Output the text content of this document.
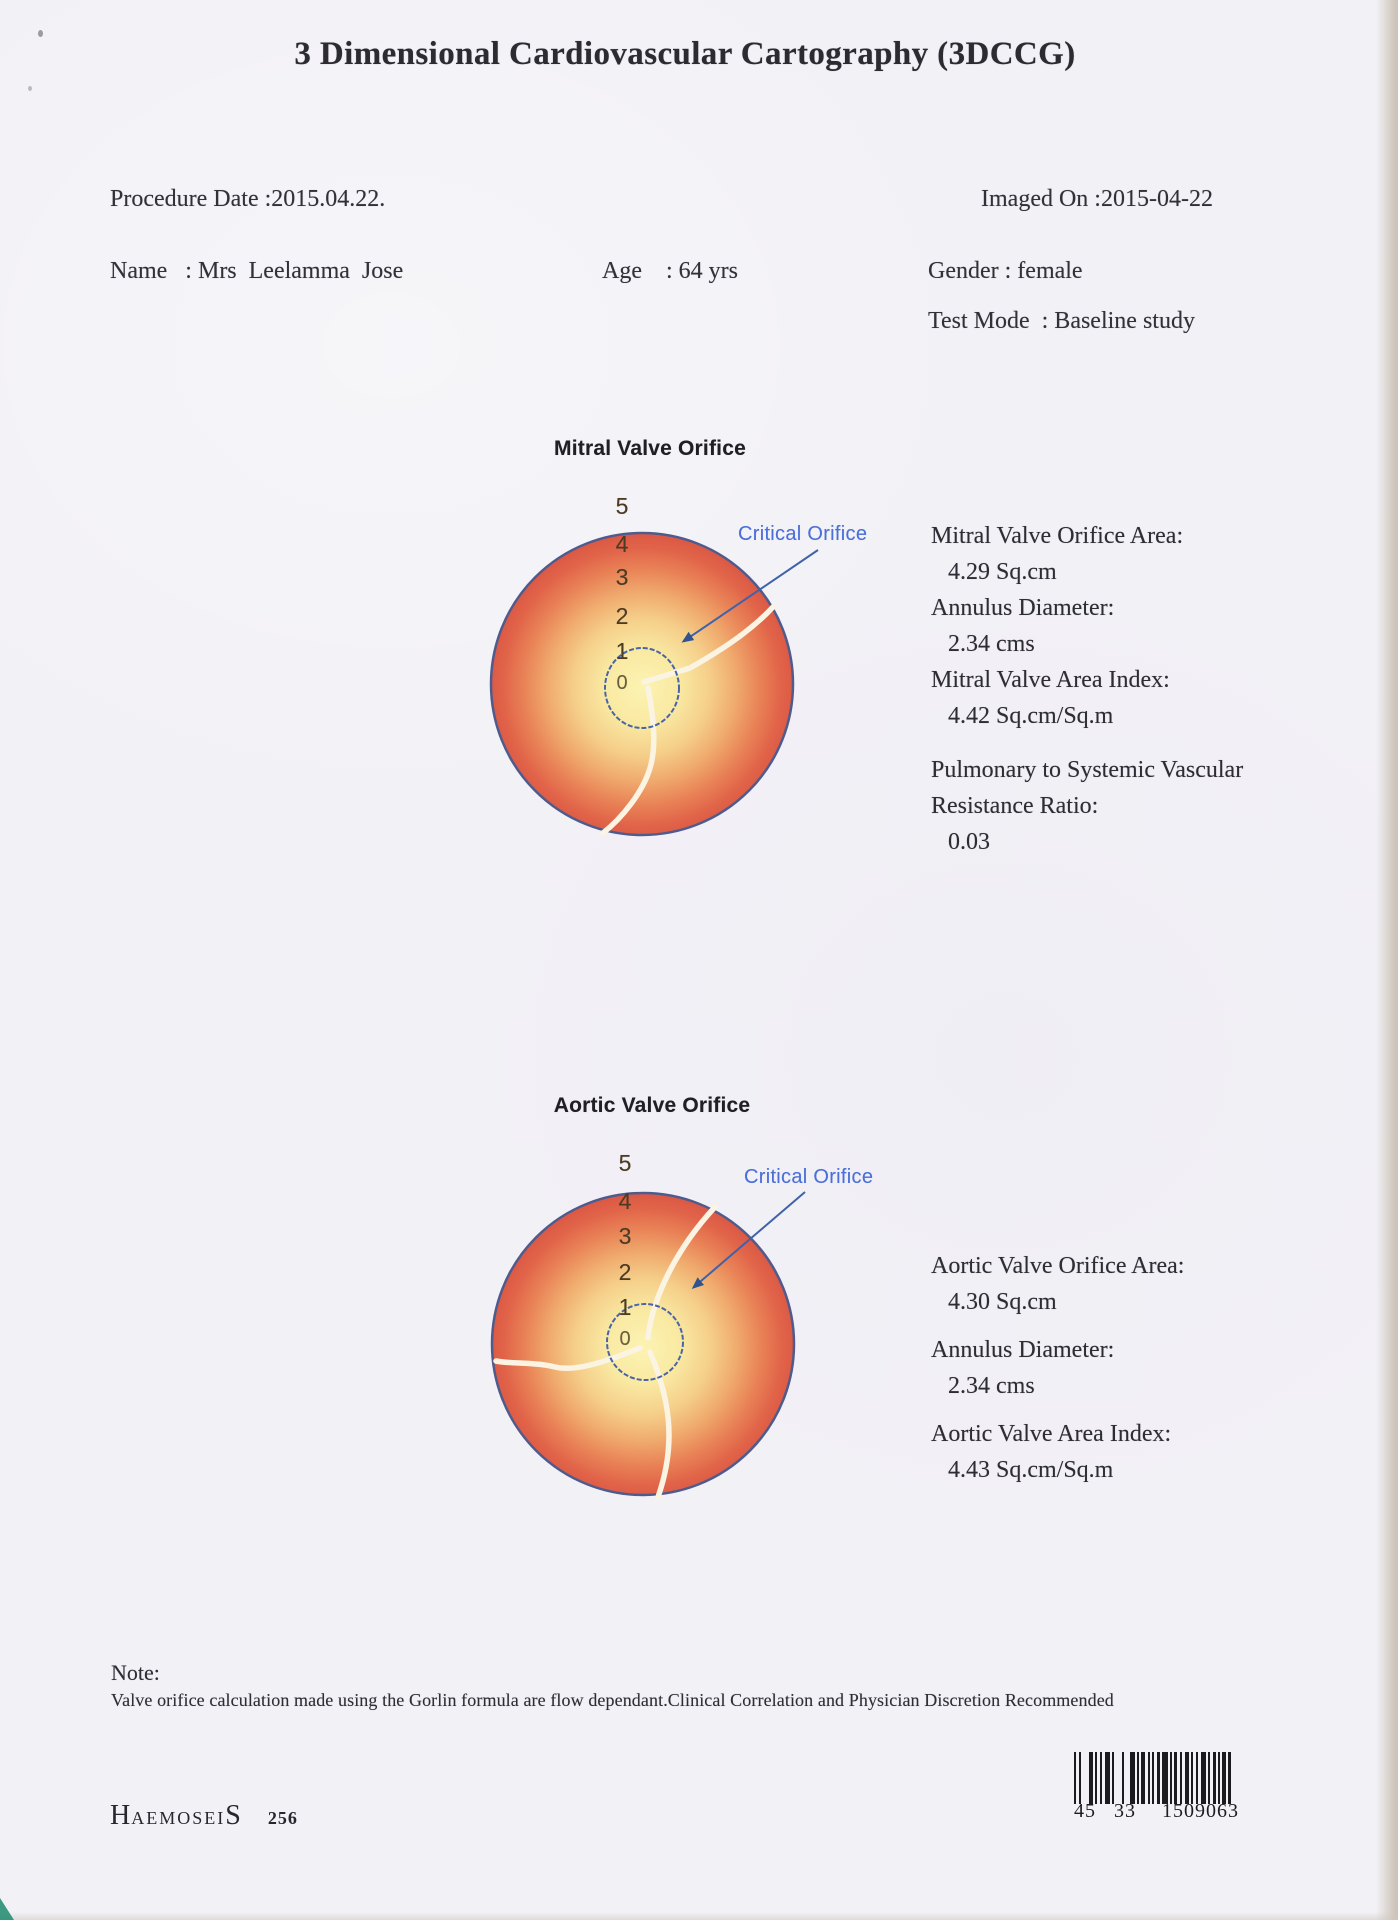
3 Dimensional Cardiovascular Cartography (3DCCG)
Procedure Date :2015.04.22.	Imaged On :2015-04-22
Name   : Mrs  Leelamma  Jose	Age    : 64 yrs	Gender : female
Test Mode  : Baseline study
Mitral Valve Orifice
5
4
3
2
1
0
Critical Orifice	Mitral Valve Orifice Area:
4.29 Sq.cm
Annulus Diameter:
2.34 cms
Mitral Valve Area Index:
4.42 Sq.cm/Sq.m
Pulmonary to Systemic Vascular Resistance Ratio:
0.03
Aortic Valve Orifice
5
4
3
2
1
0
Critical Orifice
Aortic Valve Orifice Area:
4.30 Sq.cm
Annulus Diameter:
2.34 cms
Aortic Valve Area Index:
4.43 Sq.cm/Sq.m
Note:
Valve orifice calculation made using the Gorlin formula are flow dependant.Clinical Correlation and Physician Discretion Recommended
H AEMOSEI S 256	45 33 1509063
